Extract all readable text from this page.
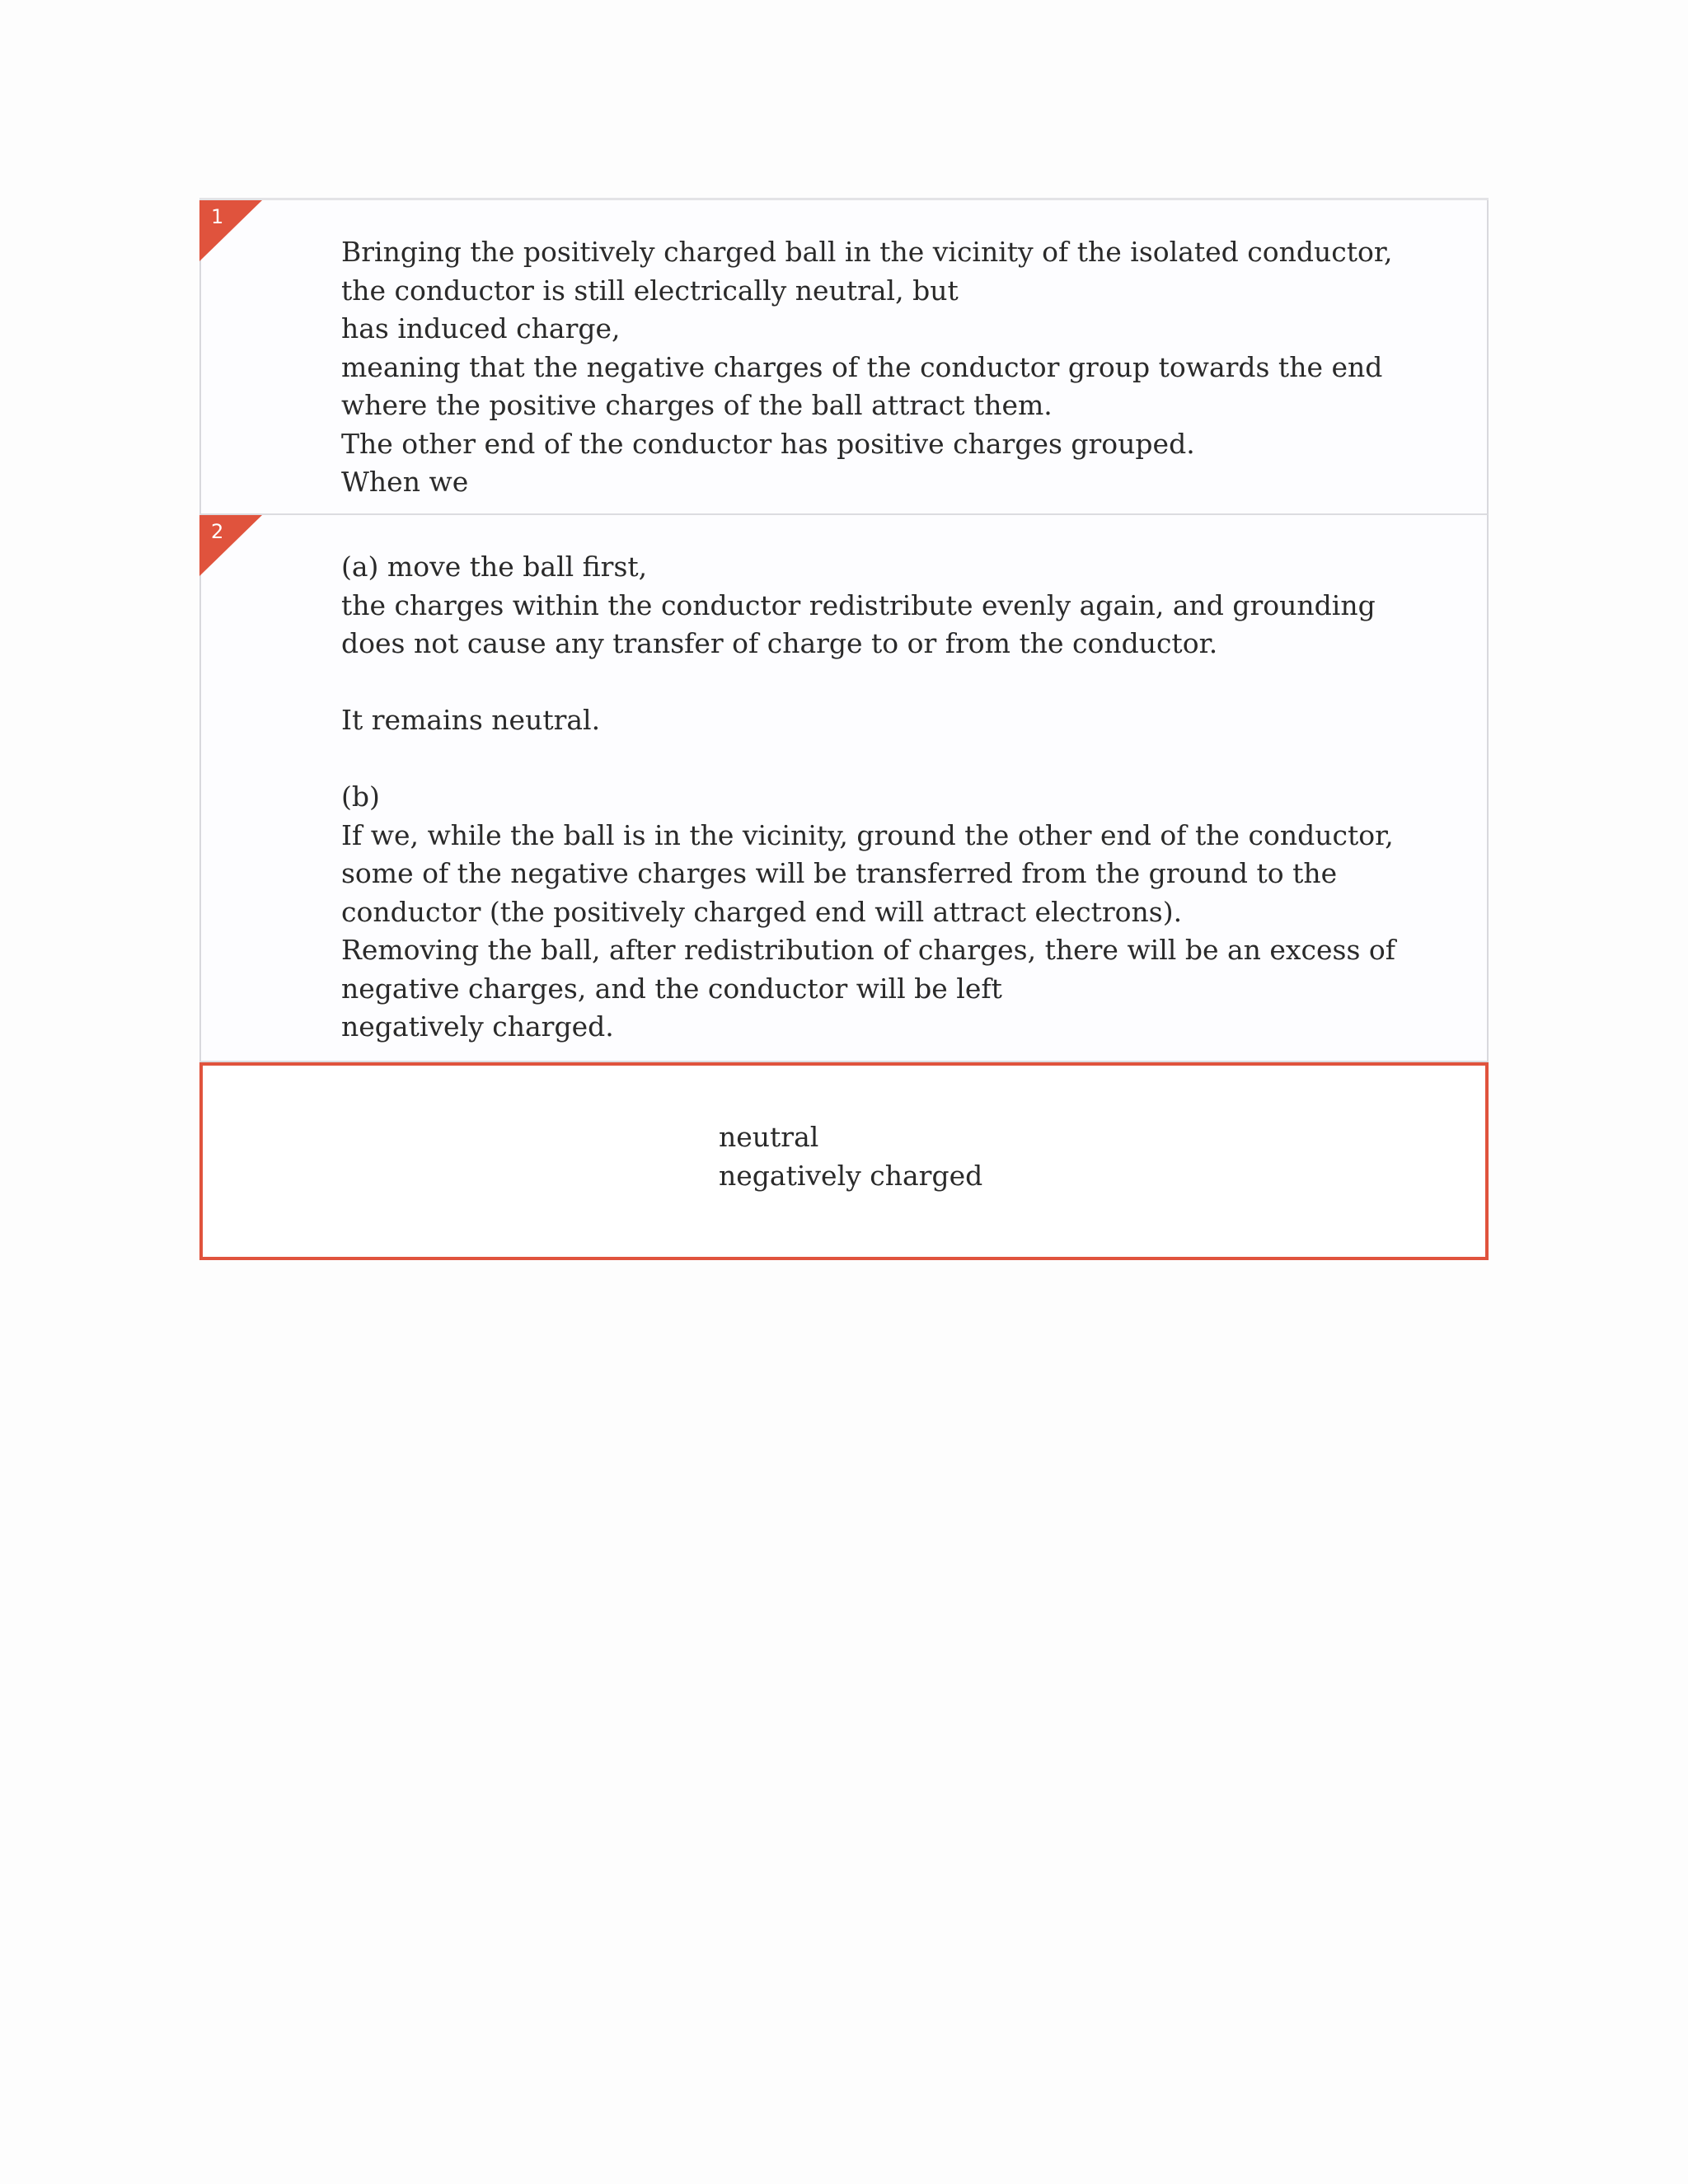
1
Bringing the positively charged ball in the vicinity of the isolated conductor,
the conductor is still electrically neutral, but
has induced charge,
meaning that the negative charges of the conductor group towards the end
where the positive charges of the ball attract them.
The other end of the conductor has positive charges grouped.
When we
2
(a) move the ball first,
the charges within the conductor redistribute evenly again, and grounding
does not cause any transfer of charge to or from the conductor.
It remains neutral.
(b)
If we, while the ball is in the vicinity, ground the other end of the conductor,
some of the negative charges will be transferred from the ground to the
conductor (the positively charged end will attract electrons).
Removing the ball, after redistribution of charges, there will be an excess of
negative charges, and the conductor will be left
negatively charged.
neutral
negatively charged
